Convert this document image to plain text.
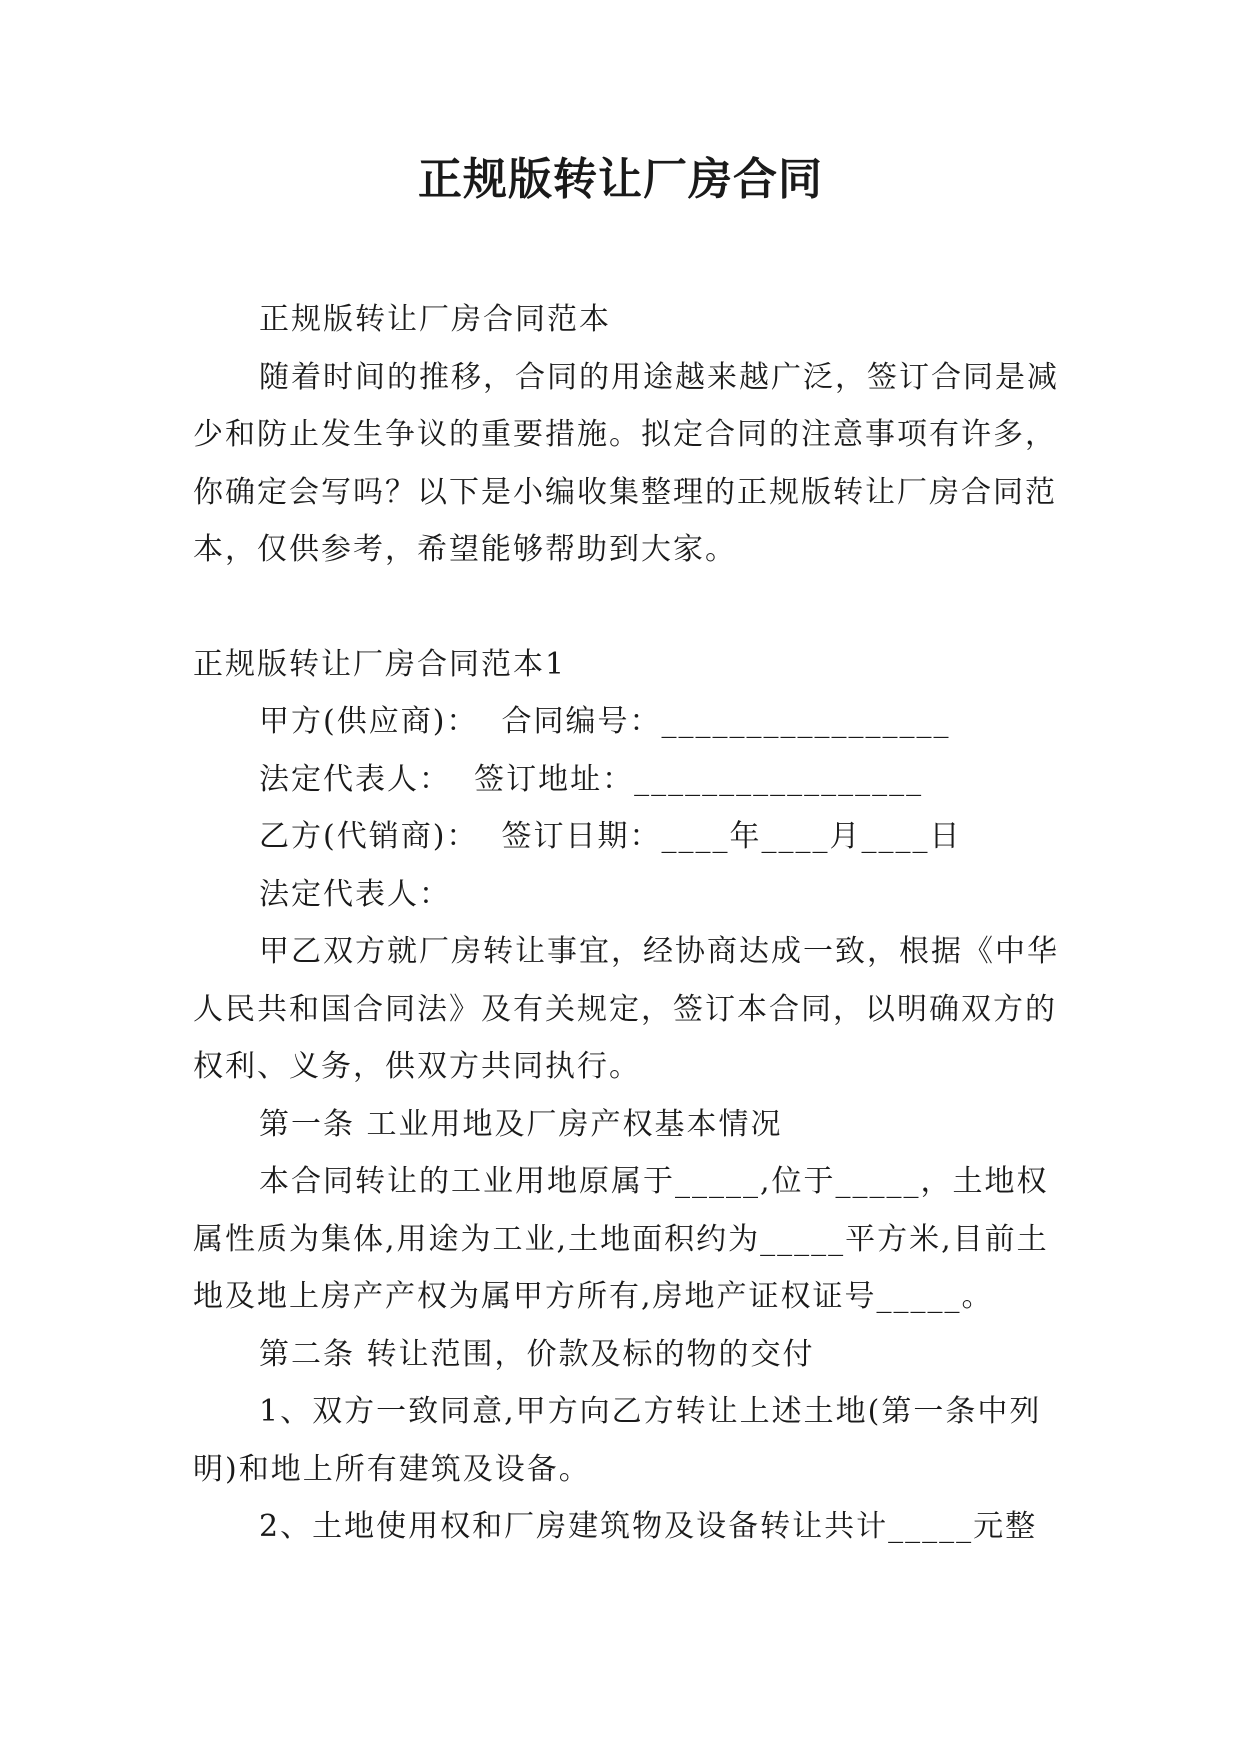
正规版转让厂房合同

正规版转让厂房合同范本

随着时间的推移，合同的用途越来越广泛，签订合同是减少和防止发生争议的重要措施。拟定合同的注意事项有许多，你确定会写吗？以下是小编收集整理的正规版转让厂房合同范本，仅供参考，希望能够帮助到大家。

正规版转让厂房合同范本1

甲方(供应商)：  合同编号：_________________

法定代表人：  签订地址：_________________

乙方(代销商)：  签订日期：____年____月____日

法定代表人：

甲乙双方就厂房转让事宜，经协商达成一致，根据《中华人民共和国合同法》及有关规定，签订本合同，以明确双方的权利、义务，供双方共同执行。

第一条 工业用地及厂房产权基本情况

本合同转让的工业用地原属于_____,位于_____，土地权属性质为集体,用途为工业,土地面积约为_____平方米,目前土地及地上房产产权为属甲方所有,房地产证权证号_____。

第二条 转让范围，价款及标的物的交付

1、双方一致同意,甲方向乙方转让上述土地(第一条中列明)和地上所有建筑及设备。

2、土地使用权和厂房建筑物及设备转让共计_____元整
